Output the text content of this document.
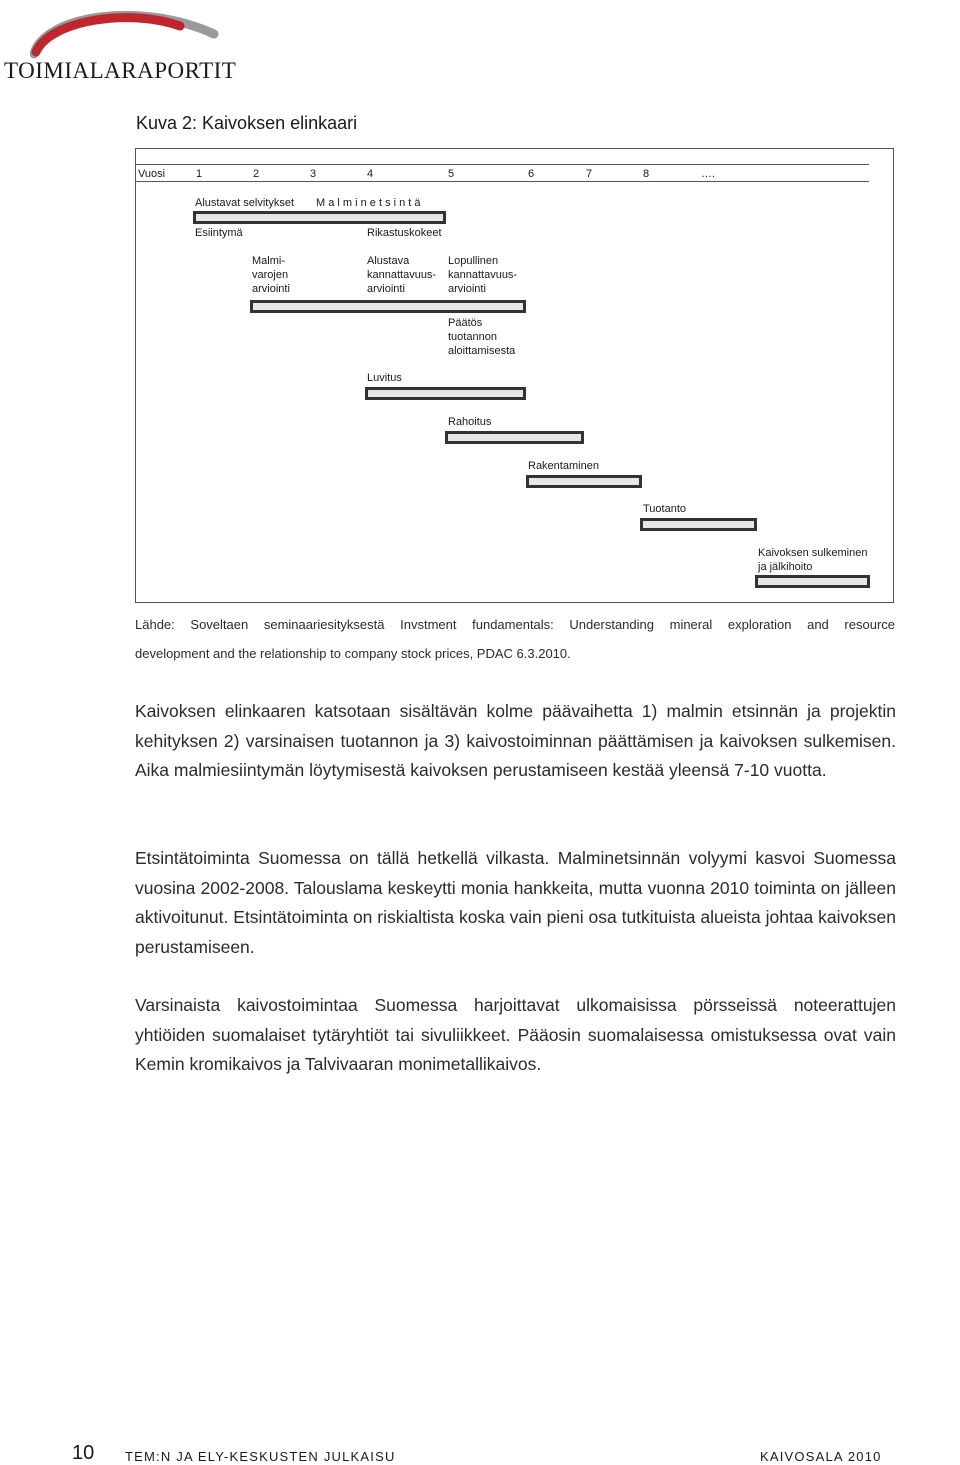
TOIMIALARAPORTIT
Kuva 2: Kaivoksen elinkaari
Vuosi	1	2	3	4	5	6	7	8	….
Alustavat selvitykset M a l m i n e t s i n t ä
Esiintymä	Rikastuskokeet
Malmi-
varojen
arviointi
Alustava
kannattavuus-
arviointi
Lopullinen
kannattavuus-
arviointi
Päätös
tuotannon
aloittamisesta
Luvitus
Rahoitus
Rakentaminen
Tuotanto
Kaivoksen sulkeminen
ja jälkihoito
Lähde: Soveltaen seminaariesityksestä Invstment fundamentals: Understanding mineral exploration and resource
development and the relationship to company stock prices, PDAC 6.3.2010.
Kaivoksen elinkaaren katsotaan sisältävän kolme päävaihetta 1) malmin etsinnän ja projektin kehityksen 2) varsinaisen tuotannon ja 3) kaivostoiminnan päättämisen ja kaivoksen sulkemisen. Aika malmiesiintymän löytymisestä kaivoksen perustamiseen kestää yleensä 7-10 vuotta.
Etsintätoiminta Suomessa on tällä hetkellä vilkasta. Malminetsinnän volyymi kasvoi Suomessa vuosina 2002-2008. Talouslama keskeytti monia hankkeita, mutta vuonna 2010 toiminta on jälleen aktivoitunut. Etsintätoiminta on riskialtista koska vain pieni osa tutkituista alueista johtaa kaivoksen perustamiseen.
Varsinaista kaivostoimintaa Suomessa harjoittavat ulkomaisissa pörsseissä noteerattujen yhtiöiden suomalaiset tytäryhtiöt tai sivuliikkeet. Pääosin suomalaisessa omistuksessa ovat vain Kemin kromikaivos ja Talvivaaran monimetallikaivos.
10 TEM:N JA ELY-KESKUSTEN JULKAISU	KAIVOSALA 2010
